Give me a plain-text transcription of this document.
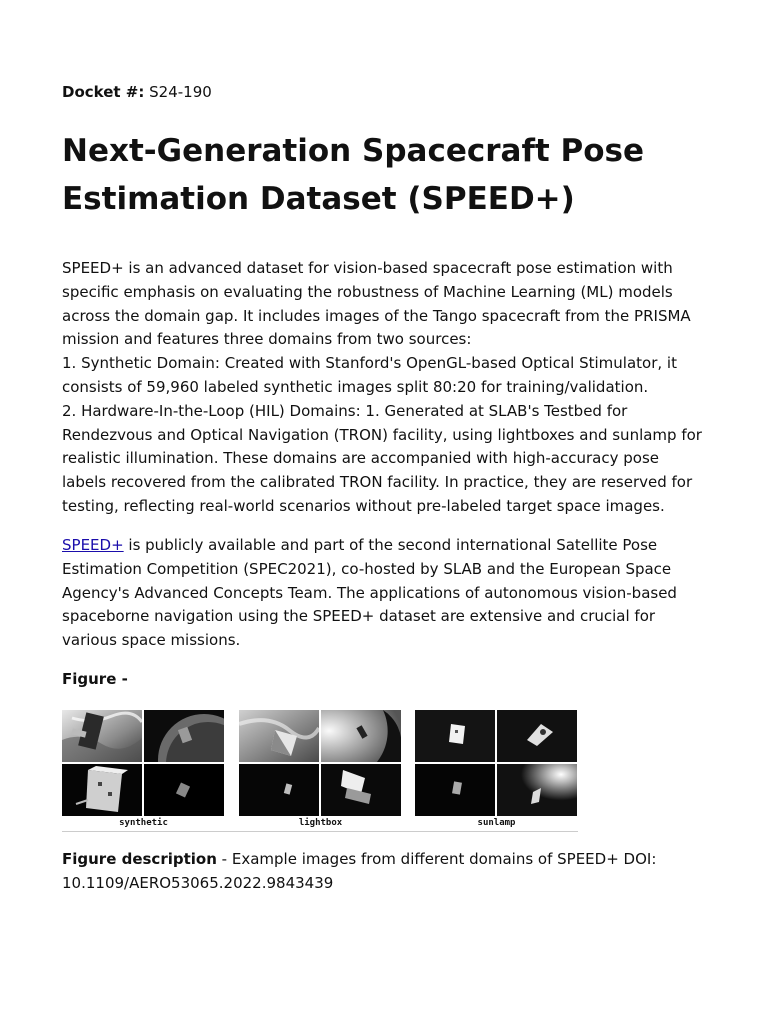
Docket #: S24-190

Next-Generation Spacecraft Pose
Estimation Dataset (SPEED+)

SPEED+ is an advanced dataset for vision-based spacecraft pose estimation with
specific emphasis on evaluating the robustness of Machine Learning (ML) models
across the domain gap. It includes images of the Tango spacecraft from the PRISMA
mission and features three domains from two sources:
1. Synthetic Domain: Created with Stanford's OpenGL-based Optical Stimulator, it
consists of 59,960 labeled synthetic images split 80:20 for training/validation.
2. Hardware-In-the-Loop (HIL) Domains: 1. Generated at SLAB's Testbed for
Rendezvous and Optical Navigation (TRON) facility, using lightboxes and sunlamp for
realistic illumination. These domains are accompanied with high-accuracy pose
labels recovered from the calibrated TRON facility. In practice, they are reserved for
testing, reflecting real-world scenarios without pre-labeled target space images.

SPEED+ is publicly available and part of the second international Satellite Pose
Estimation Competition (SPEC2021), co-hosted by SLAB and the European Space
Agency's Advanced Concepts Team. The applications of autonomous vision-based
spaceborne navigation using the SPEED+ dataset are extensive and crucial for
various space missions.

Figure -

synthetic	lightbox	sunlamp

Figure description - Example images from different domains of SPEED+ DOI:
10.1109/AERO53065.2022.9843439
